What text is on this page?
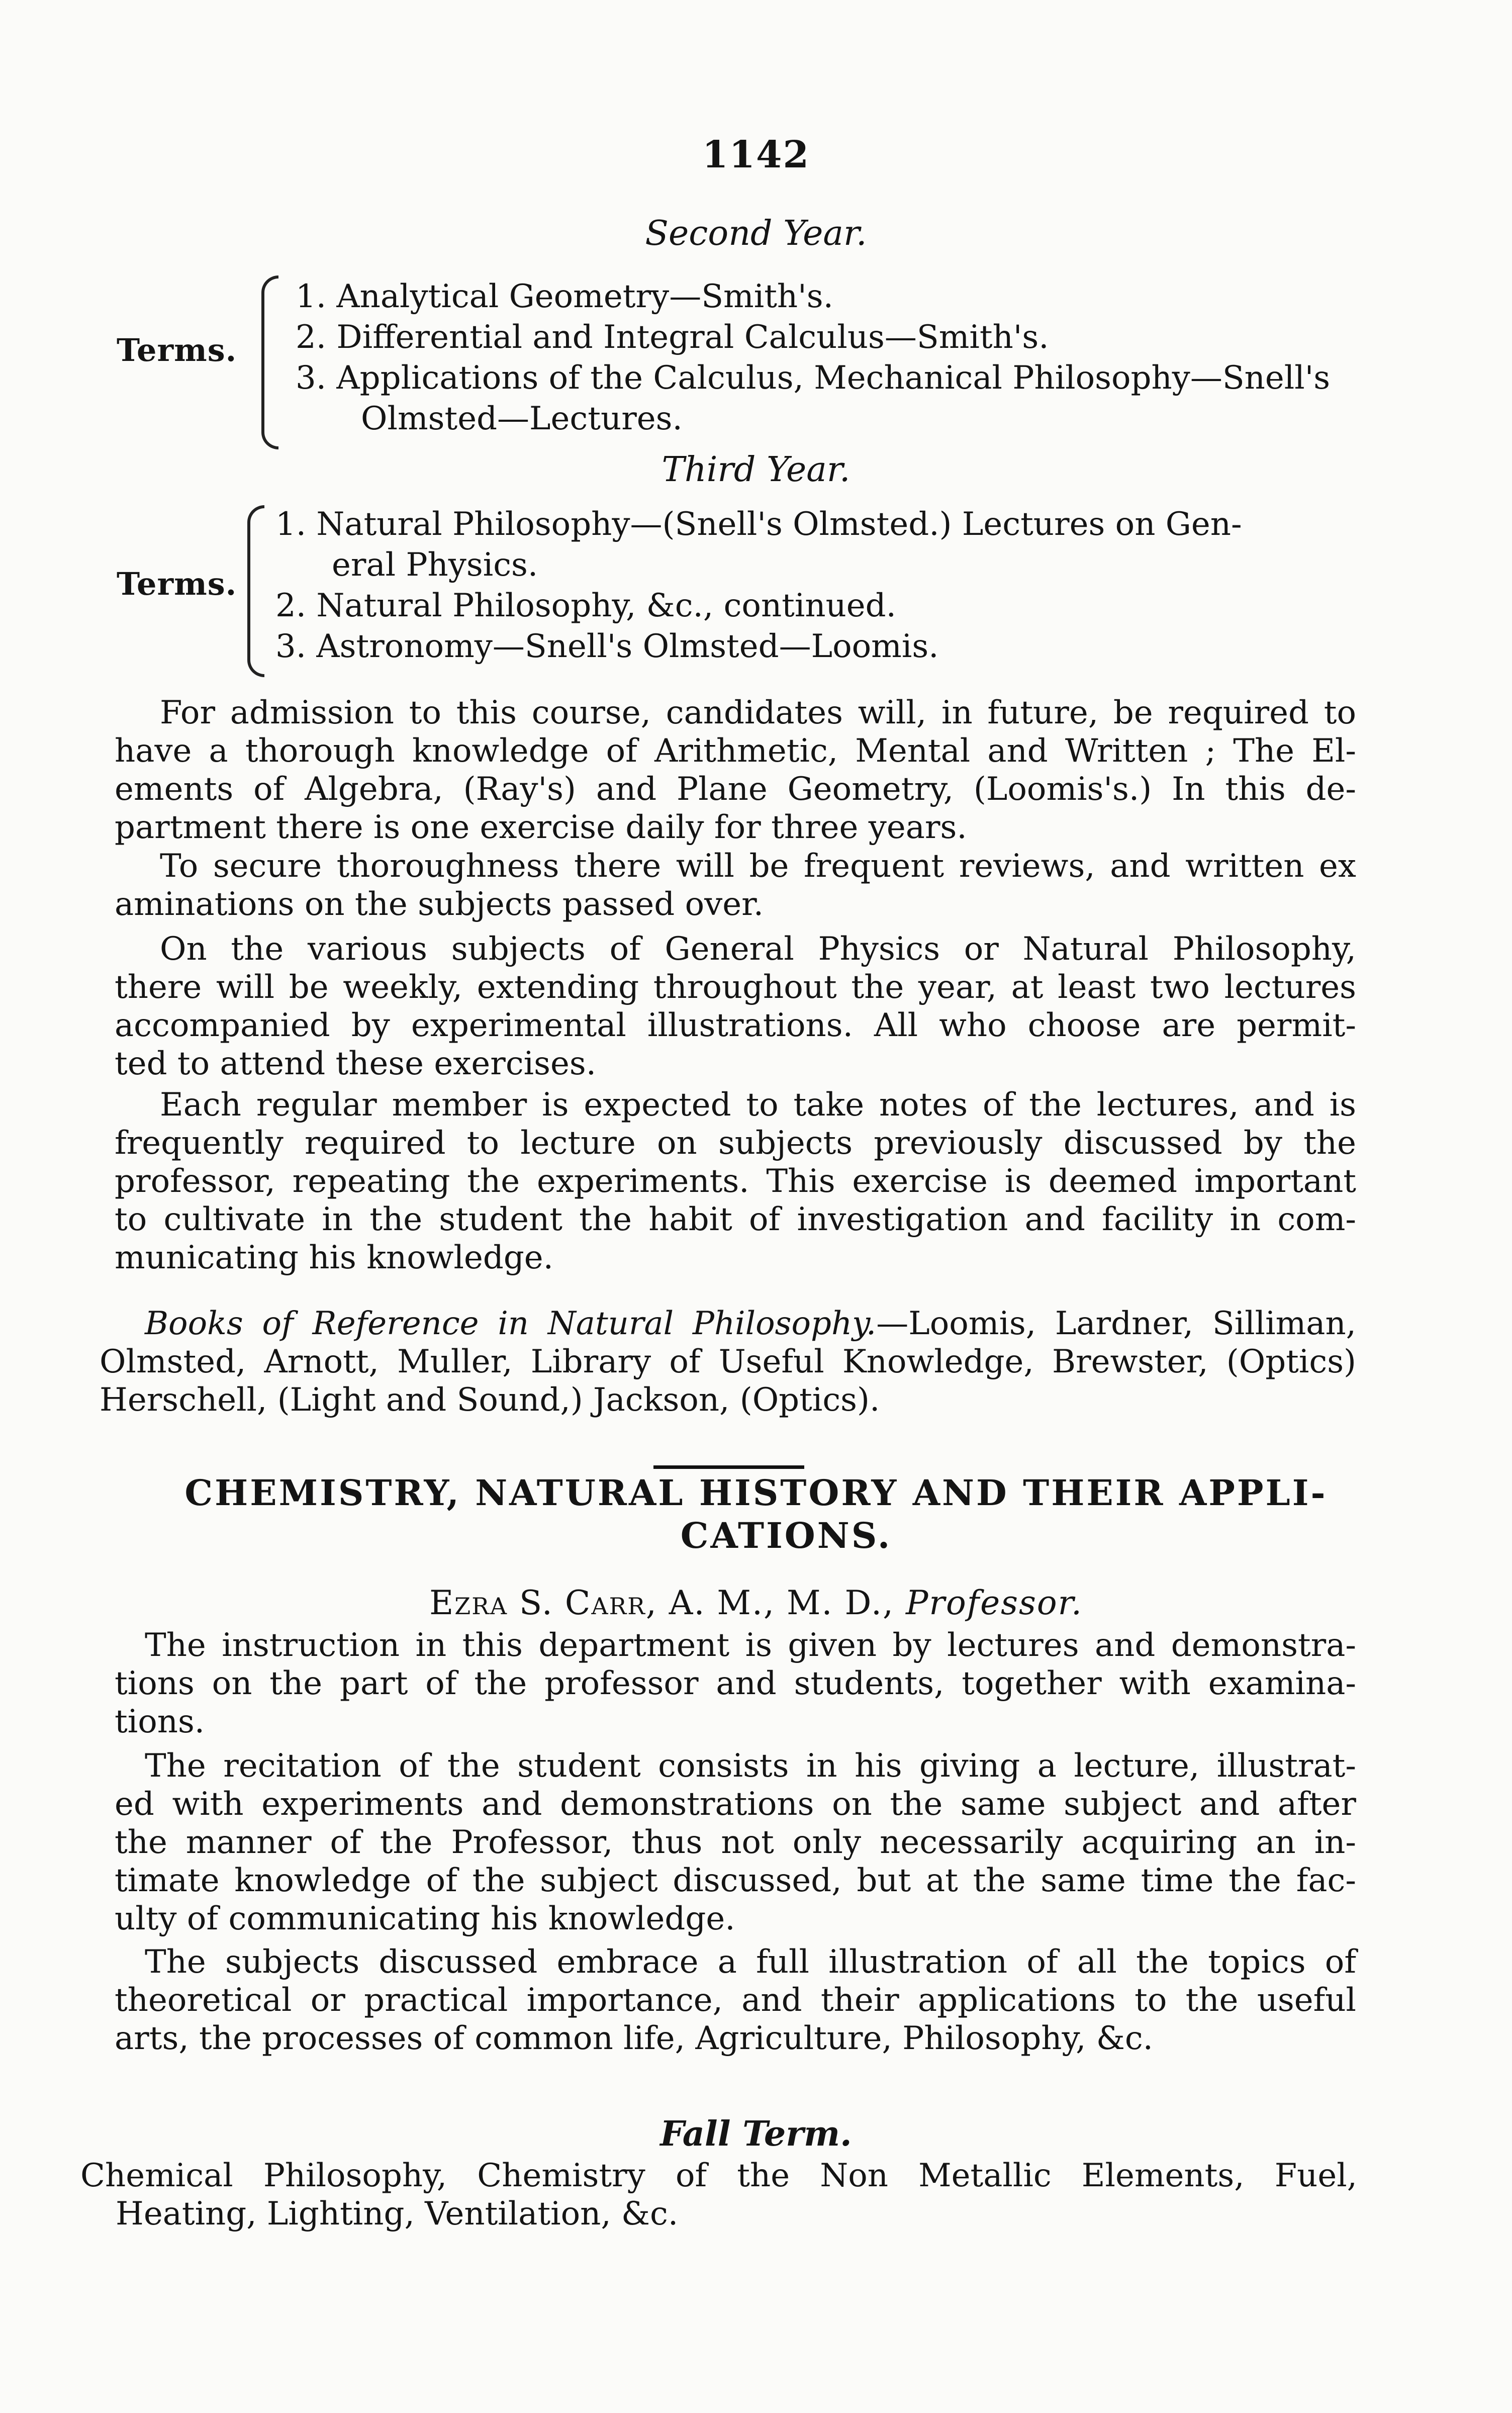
1142
Second Year.
Terms.
1. Analytical Geometry—Smith's.
2. Differential and Integral Calculus—Smith's.
3. Applications of the Calculus, Mechanical Philosophy—Snell's
Olmsted—Lectures.
Third Year.
Terms.
1. Natural Philosophy—(Snell's Olmsted.) Lectures on Gen-
eral Physics.
2. Natural Philosophy, &c., continued.
3. Astronomy—Snell's Olmsted—Loomis.
For admission to this course, candidates will, in future, be required to
have a thorough knowledge of Arithmetic, Mental and Written ; The El-
ements of Algebra, (Ray's) and Plane Geometry, (Loomis's.) In this de-
partment there is one exercise daily for three years.
To secure thoroughness there will be frequent reviews, and written ex
aminations on the subjects passed over.
On the various subjects of General Physics or Natural Philosophy,
there will be weekly, extending throughout the year, at least two lectures
accompanied by experimental illustrations. All who choose are permit-
ted to attend these exercises.
Each regular member is expected to take notes of the lectures, and is
frequently required to lecture on subjects previously discussed by the
professor, repeating the experiments. This exercise is deemed important
to cultivate in the student the habit of investigation and facility in com-
municating his knowledge.
Books of Reference in Natural Philosophy.—Loomis, Lardner, Silliman,
Olmsted, Arnott, Muller, Library of Useful Knowledge, Brewster, (Optics)
Herschell, (Light and Sound,) Jackson, (Optics).
CHEMISTRY, NATURAL HISTORY AND THEIR APPLI-
CATIONS.
Ezra S. Carr, A. M., M. D., Professor.
The instruction in this department is given by lectures and demonstra-
tions on the part of the professor and students, together with examina-
tions.
The recitation of the student consists in his giving a lecture, illustrat-
ed with experiments and demonstrations on the same subject and after
the manner of the Professor, thus not only necessarily acquiring an in-
timate knowledge of the subject discussed, but at the same time the fac-
ulty of communicating his knowledge.
The subjects discussed embrace a full illustration of all the topics of
theoretical or practical importance, and their applications to the useful
arts, the processes of common life, Agriculture, Philosophy, &c.
Fall Term.
Chemical Philosophy, Chemistry of the Non Metallic Elements, Fuel,
Heating, Lighting, Ventilation, &c.
